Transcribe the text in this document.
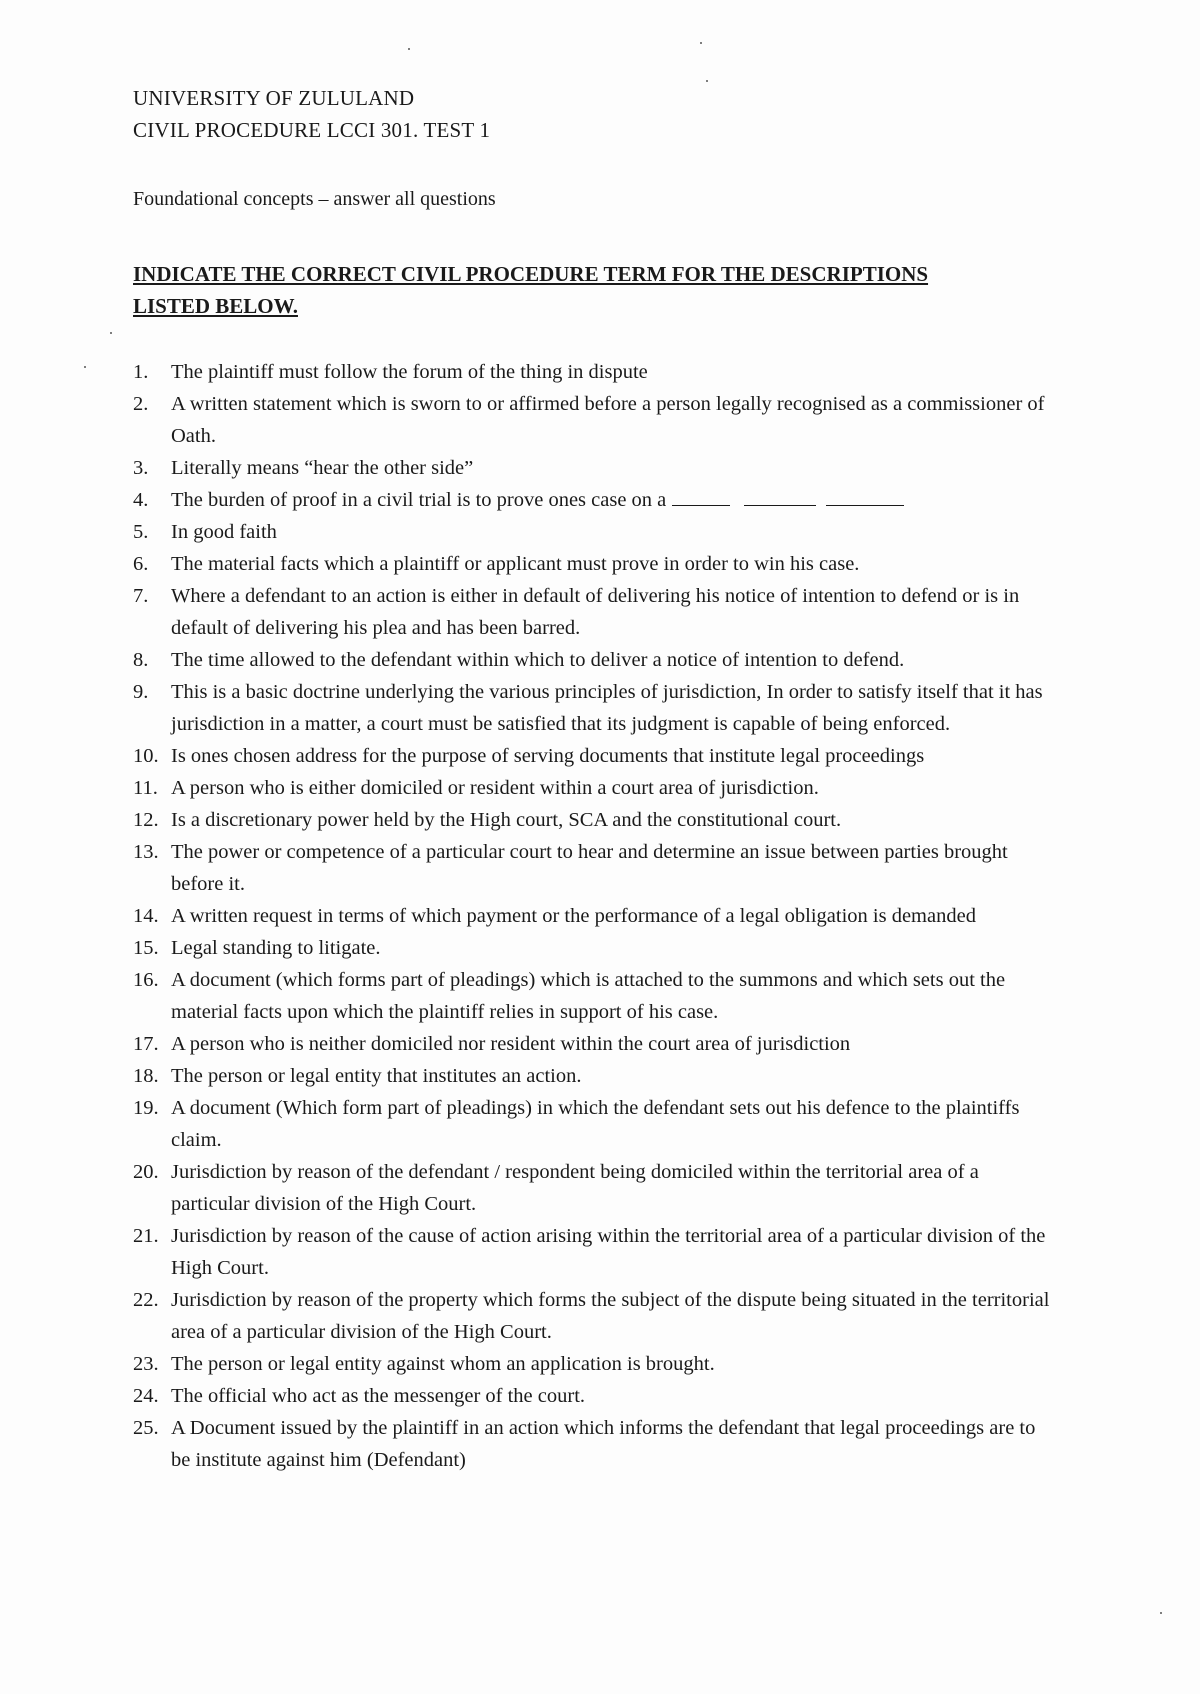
UNIVERSITY OF ZULULAND
CIVIL PROCEDURE LCCI 301. TEST 1
Foundational concepts – answer all questions
INDICATE THE CORRECT CIVIL PROCEDURE TERM FOR THE DESCRIPTIONS LISTED BELOW.
1.	The plaintiff must follow the forum of the thing in dispute
2.	A written statement which is sworn to or affirmed before a person legally recognised as a commissioner of Oath.
3.	Literally means “hear the other side”
4.	The burden of proof in a civil trial is to prove ones case on a
5.	In good faith
6.	The material facts which a plaintiff or applicant must prove in order to win his case.
7.	Where a defendant to an action is either in default of delivering his notice of intention to defend or is in default of delivering his plea and has been barred.
8.	The time allowed to the defendant within which to deliver a notice of intention to defend.
9.	This is a basic doctrine underlying the various principles of jurisdiction, In order to satisfy itself that it has jurisdiction in a matter, a court must be satisfied that its judgment is capable of being enforced.
10. Is ones chosen address for the purpose of serving documents that institute legal proceedings
11. A person who is either domiciled or resident within a court area of jurisdiction.
12. Is a discretionary power held by the High court, SCA and the constitutional court.
13. The power or competence of a particular court to hear and determine an issue between parties brought before it.
14. A written request in terms of which payment or the performance of a legal obligation is demanded
15. Legal standing to litigate.
16. A document (which forms part of pleadings) which is attached to the summons and which sets out the material facts upon which the plaintiff relies in support of his case.
17. A person who is neither domiciled nor resident within the court area of jurisdiction
18. The person or legal entity that institutes an action.
19. A document (Which form part of pleadings) in which the defendant sets out his defence to the plaintiffs claim.
20. Jurisdiction by reason of the defendant / respondent being domiciled within the territorial area of a particular division of the High Court.
21. Jurisdiction by reason of the cause of action arising within the territorial area of a particular division of the High Court.
22. Jurisdiction by reason of the property which forms the subject of the dispute being situated in the territorial area of a particular division of the High Court.
23. The person or legal entity against whom an application is brought.
24. The official who act as the messenger of the court.
25. A Document issued by the plaintiff in an action which informs the defendant that legal proceedings are to be institute against him (Defendant)
